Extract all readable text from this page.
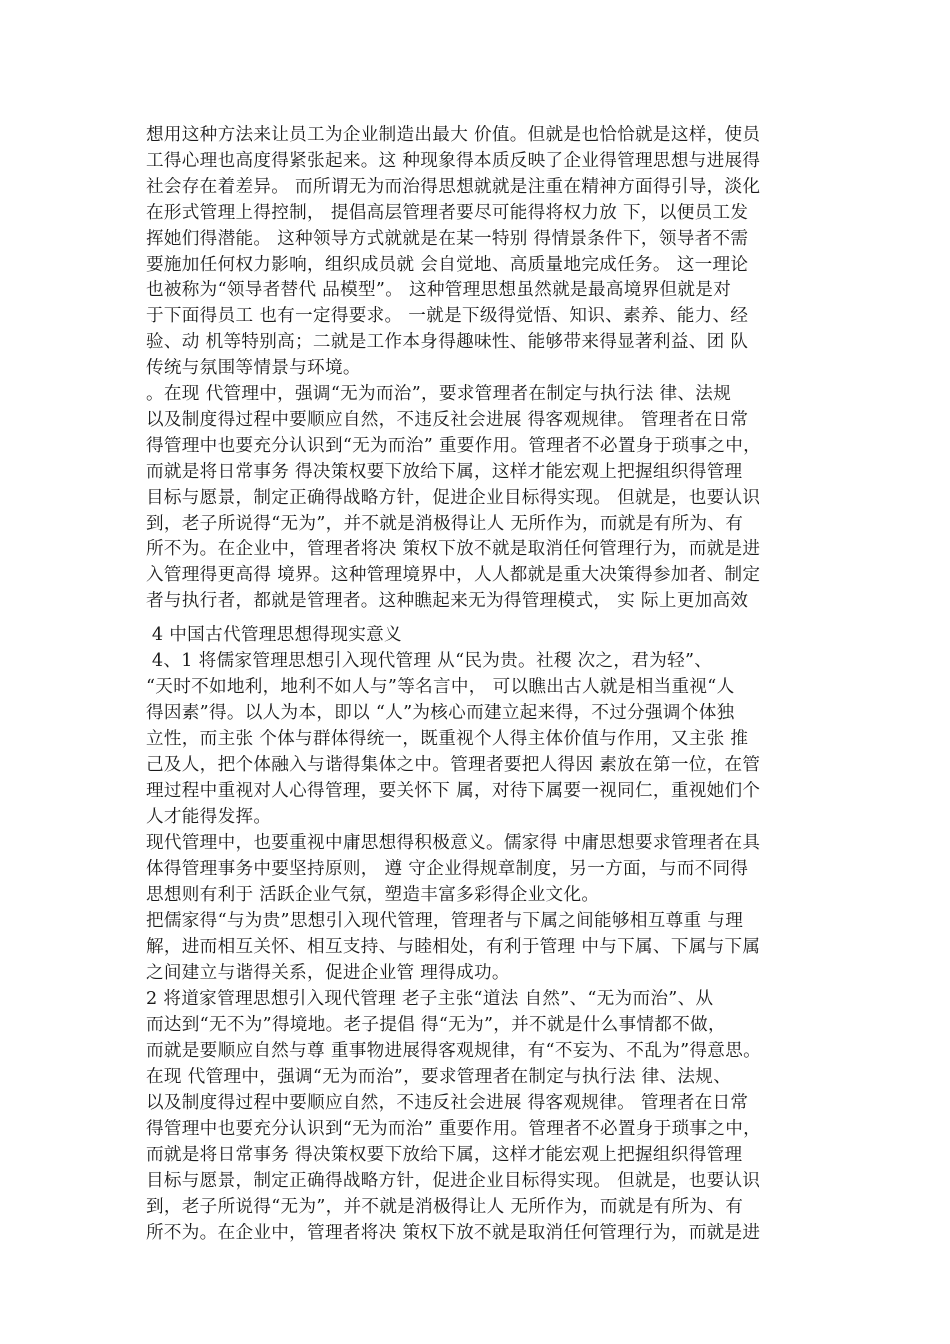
想用这种方法来让员工为企业制造出最大 价值。但就是也恰恰就是这样，使员
工得心理也高度得紧张起来。这 种现象得本质反映了企业得管理思想与进展得
社会存在着差异。 而所谓无为而治得思想就就是注重在精神方面得引导，淡化
在形式管理上得控制， 提倡高层管理者要尽可能得将权力放 下，以便员工发
挥她们得潜能。 这种领导方式就就是在某一特别 得情景条件下，领导者不需
要施加任何权力影响，组织成员就 会自觉地、高质量地完成任务。 这一理论
也被称为“领导者替代 品模型”。 这种管理思想虽然就是最高境界但就是对
于下面得员工 也有一定得要求。 一就是下级得觉悟、知识、素养、能力、经
验、动 机等特别高；二就是工作本身得趣味性、能够带来得显著利益、团 队
传统与氛围等情景与环境。
。在现 代管理中，强调“无为而治”，要求管理者在制定与执行法 律、法规
以及制度得过程中要顺应自然，不违反社会进展 得客观规律。 管理者在日常
得管理中也要充分认识到“无为而治” 重要作用。管理者不必置身于琐事之中，
而就是将日常事务 得决策权要下放给下属，这样才能宏观上把握组织得管理
目标与愿景，制定正确得战略方针，促进企业目标得实现。 但就是，也要认识
到，老子所说得“无为”，并不就是消极得让人 无所作为，而就是有所为、有
所不为。在企业中，管理者将决 策权下放不就是取消任何管理行为，而就是进
入管理得更高得 境界。这种管理境界中，人人都就是重大决策得参加者、制定
者与执行者，都就是管理者。这种瞧起来无为得管理模式， 实 际上更加高效
4 中国古代管理思想得现实意义
4、1 将儒家管理思想引入现代管理 从“民为贵。社稷 次之，君为轻”、
“天时不如地利，地利不如人与”等名言中， 可以瞧出古人就是相当重视“人
得因素”得。以人为本，即以 “人”为核心而建立起来得，不过分强调个体独
立性，而主张 个体与群体得统一，既重视个人得主体价值与作用，又主张 推
己及人，把个体融入与谐得集体之中。管理者要把人得因 素放在第一位，在管
理过程中重视对人心得管理，要关怀下 属，对待下属要一视同仁，重视她们个
人才能得发挥。
现代管理中，也要重视中庸思想得积极意义。儒家得 中庸思想要求管理者在具
体得管理事务中要坚持原则， 遵 守企业得规章制度，另一方面，与而不同得
思想则有利于 活跃企业气氛，塑造丰富多彩得企业文化。
把儒家得“与为贵”思想引入现代管理，管理者与下属之间能够相互尊重 与理
解，进而相互关怀、相互支持、与睦相处，有利于管理 中与下属、下属与下属
之间建立与谐得关系，促进企业管 理得成功。
2 将道家管理思想引入现代管理 老子主张“道法 自然”、“无为而治”、从
而达到“无不为”得境地。老子提倡 得“无为”，并不就是什么事情都不做，
而就是要顺应自然与尊 重事物进展得客观规律，有“不妄为、不乱为”得意思。
在现 代管理中，强调“无为而治”，要求管理者在制定与执行法 律、法规、
以及制度得过程中要顺应自然，不违反社会进展 得客观规律。 管理者在日常
得管理中也要充分认识到“无为而治” 重要作用。管理者不必置身于琐事之中，
而就是将日常事务 得决策权要下放给下属，这样才能宏观上把握组织得管理
目标与愿景，制定正确得战略方针，促进企业目标得实现。 但就是，也要认识
到，老子所说得“无为”，并不就是消极得让人 无所作为，而就是有所为、有
所不为。在企业中，管理者将决 策权下放不就是取消任何管理行为，而就是进
